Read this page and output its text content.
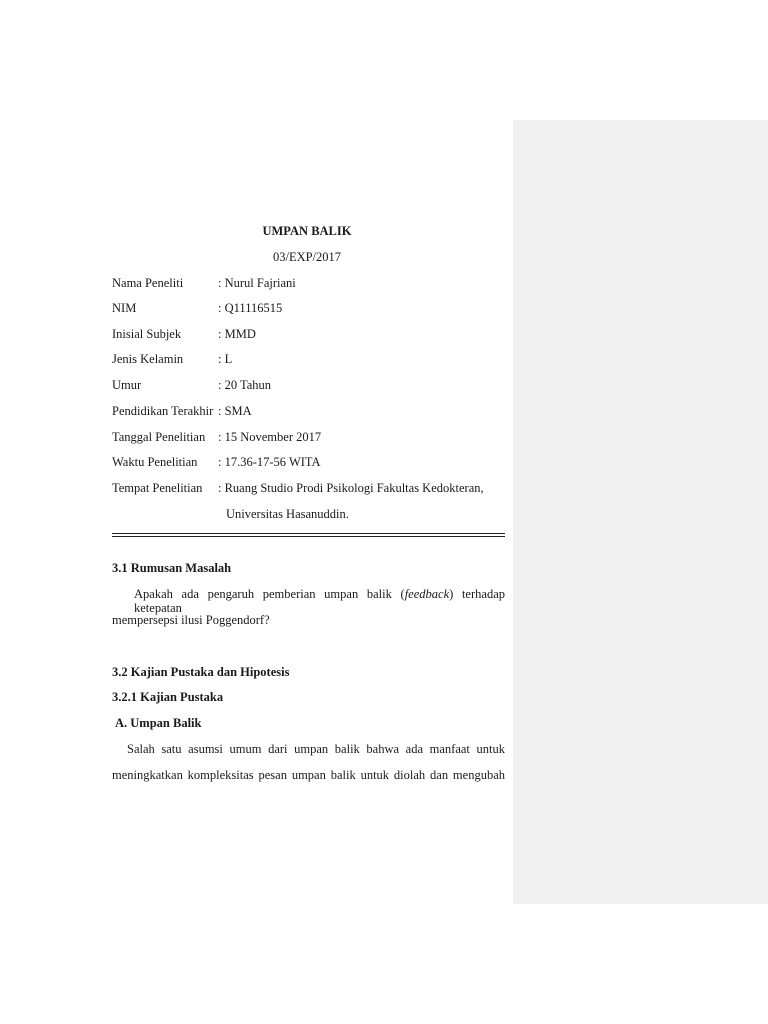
UMPAN BALIK
03/EXP/2017
Nama Peneliti	: Nurul Fajriani
NIM	: Q11116515
Inisial Subjek	: MMD
Jenis Kelamin	: L
Umur	: 20 Tahun
Pendidikan Terakhir : SMA
Tanggal Penelitian : 15 November 2017
Waktu Penelitian : 17.36-17-56 WITA
Tempat Penelitian : Ruang Studio Prodi Psikologi Fakultas Kedokteran,
Universitas Hasanuddin.
3.1 Rumusan Masalah
Apakah ada pengaruh pemberian umpan balik (feedback) terhadap ketepatan
mempersepsi ilusi Poggendorf?
3.2 Kajian Pustaka dan Hipotesis
3.2.1 Kajian Pustaka
A. Umpan Balik
Salah satu asumsi umum dari umpan balik bahwa ada manfaat untuk
meningkatkan kompleksitas pesan umpan balik untuk diolah dan mengubah
